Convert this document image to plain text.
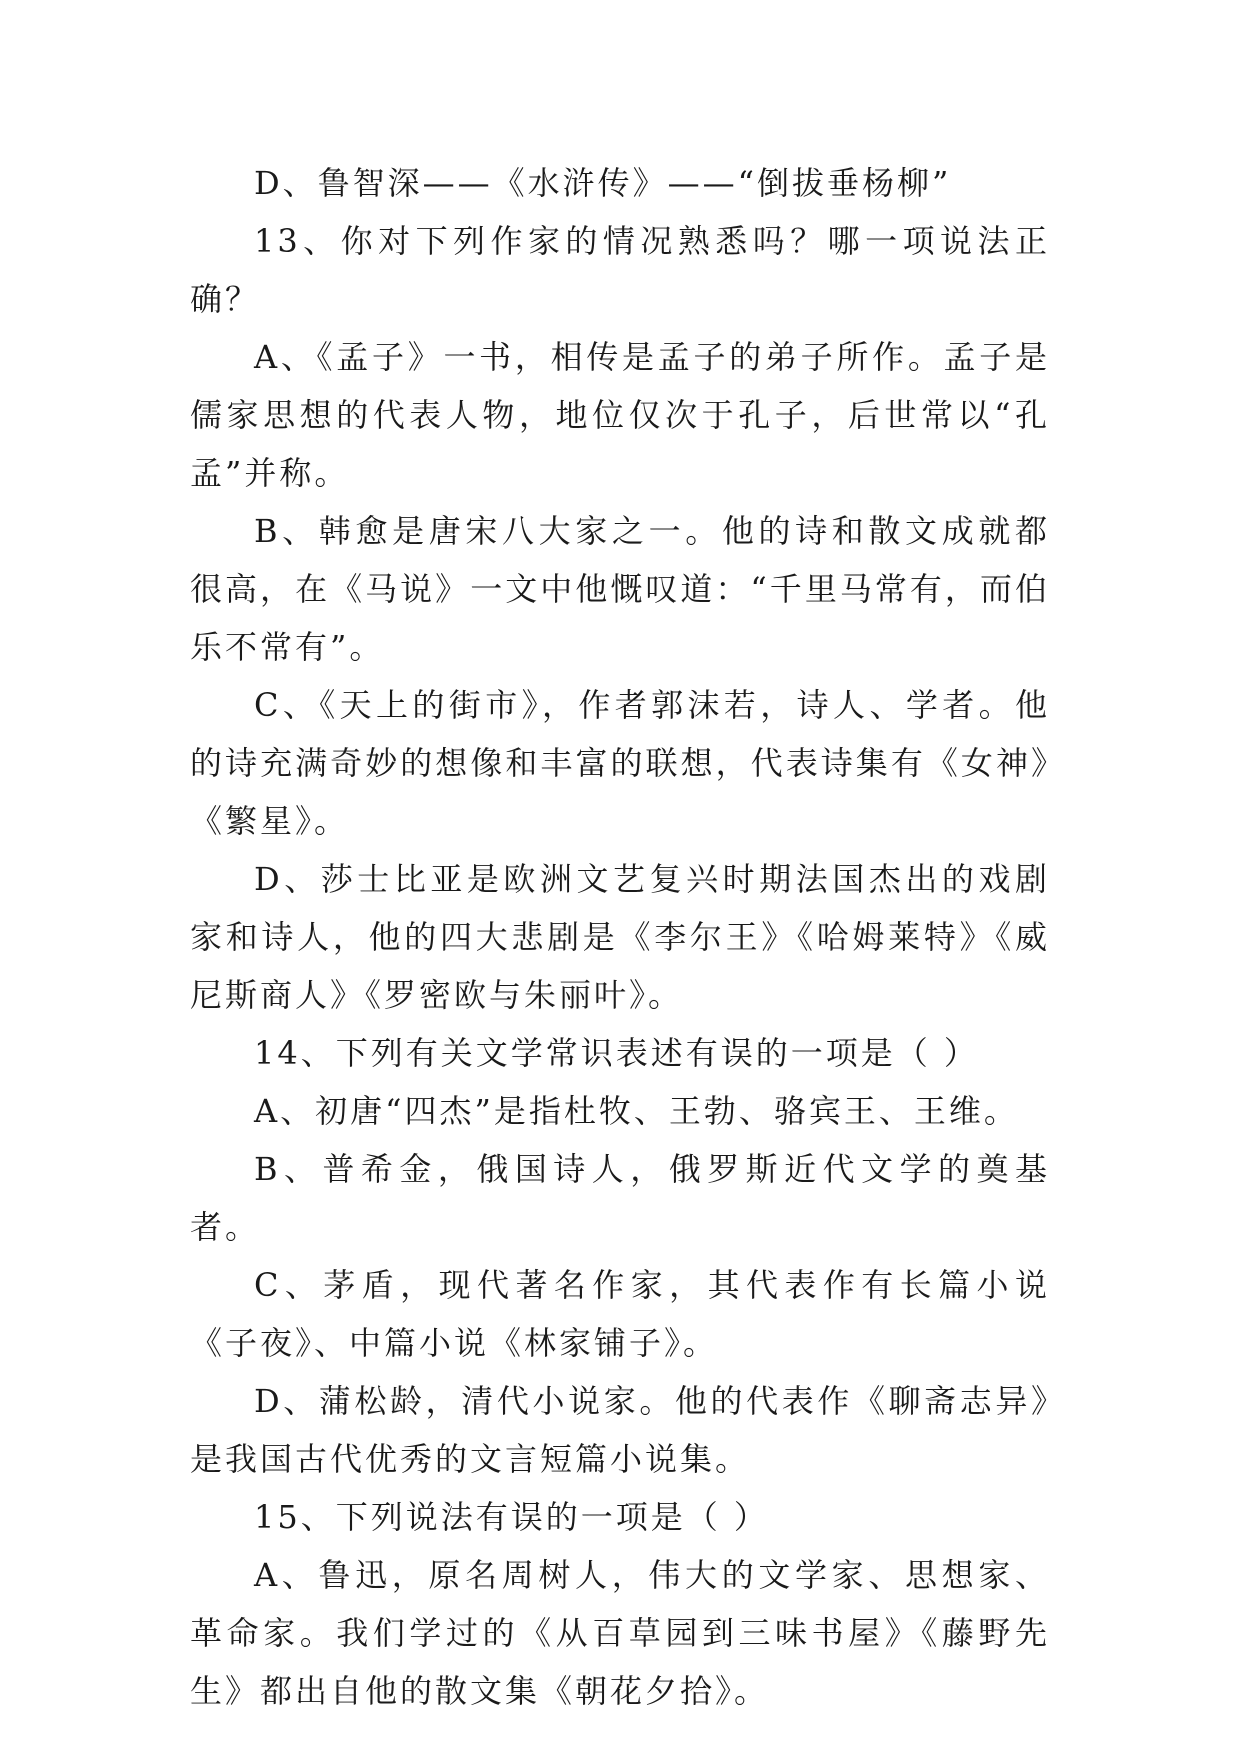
D、鲁智深——《水浒传》——“倒拔垂杨柳”

13、你对下列作家的情况熟悉吗？哪一项说法正确？

A、《孟子》一书，相传是孟子的弟子所作。孟子是儒家思想的代表人物，地位仅次于孔子，后世常以“孔孟”并称。

B、韩愈是唐宋八大家之一。他的诗和散文成就都很高，在《马说》一文中他慨叹道：“千里马常有，而伯乐不常有”。

C、《天上的街市》，作者郭沫若，诗人、学者。他的诗充满奇妙的想像和丰富的联想，代表诗集有《女神》《繁星》。

D、莎士比亚是欧洲文艺复兴时期法国杰出的戏剧家和诗人，他的四大悲剧是《李尔王》《哈姆莱特》《威尼斯商人》《罗密欧与朱丽叶》。

14、下列有关文学常识表述有误的一项是（ ）

A、初唐“四杰”是指杜牧、王勃、骆宾王、王维。

B、普希金，俄国诗人，俄罗斯近代文学的奠基者。

C、茅盾，现代著名作家，其代表作有长篇小说《子夜》、中篇小说《林家铺子》。

D、蒲松龄，清代小说家。他的代表作《聊斋志异》是我国古代优秀的文言短篇小说集。

15、下列说法有误的一项是（ ）

A、鲁迅，原名周树人，伟大的文学家、思想家、革命家。我们学过的《从百草园到三味书屋》《藤野先生》都出自他的散文集《朝花夕拾》。
